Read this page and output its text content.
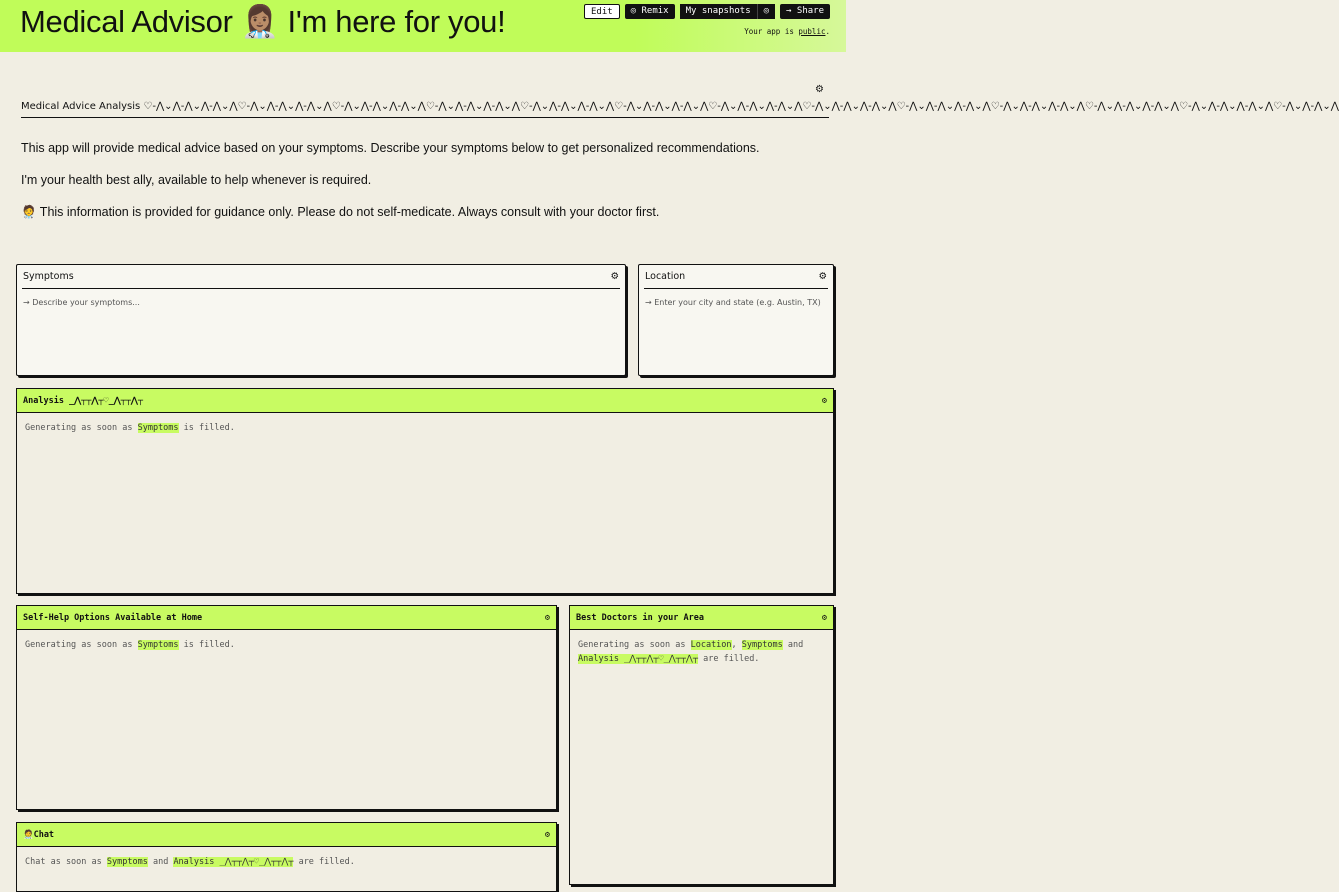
Medical Advisor 👩🏽‍⚕️ I'm here for you!	Edit	◎ Remix	My snapshots	◎	→ Share
Your app is public.
⚙
Medical Advice Analysis ♡-⋀⌄⋀-⋀⌄⋀-⋀⌄⋀♡-⋀⌄⋀-⋀⌄⋀-⋀⌄⋀♡-⋀⌄⋀-⋀⌄⋀-⋀⌄⋀♡-⋀⌄⋀-⋀⌄⋀-⋀⌄⋀♡-⋀⌄⋀-⋀⌄⋀-⋀⌄⋀♡-⋀⌄⋀-⋀⌄⋀-⋀⌄⋀♡-⋀⌄⋀-⋀⌄⋀-⋀⌄⋀♡-⋀⌄⋀-⋀⌄⋀-⋀⌄⋀♡-⋀⌄⋀-⋀⌄⋀-⋀⌄⋀♡-⋀⌄⋀-⋀⌄⋀-⋀⌄⋀♡-⋀⌄⋀-⋀⌄⋀-⋀⌄⋀♡-⋀⌄⋀-⋀⌄⋀-⋀⌄⋀♡-⋀⌄⋀-⋀⌄⋀
This app will provide medical advice based on your symptoms. Describe your symptoms below to get personalized recommendations.
I'm your health best ally, available to help whenever is required.
🧑‍⚕️ This information is provided for guidance only. Please do not self-medicate. Always consult with your doctor first.
Symptoms	⚙
→ Describe your symptoms...
Location	⚙
→ Enter your city and state (e.g. Austin, TX)
Analysis _⋀┬┬⋀┬♡_⋀┬┬⋀┬	⚙
Generating as soon as Symptoms is filled.
Self-Help Options Available at Home	⚙
Generating as soon as Symptoms is filled.
Best Doctors in your Area	⚙
Generating as soon as Location, Symptoms and Analysis _⋀┬┬⋀┬♡_⋀┬┬⋀┬ are filled.
🧑‍⚕️Chat	⚙
Chat as soon as Symptoms and Analysis _⋀┬┬⋀┬♡_⋀┬┬⋀┬ are filled.
